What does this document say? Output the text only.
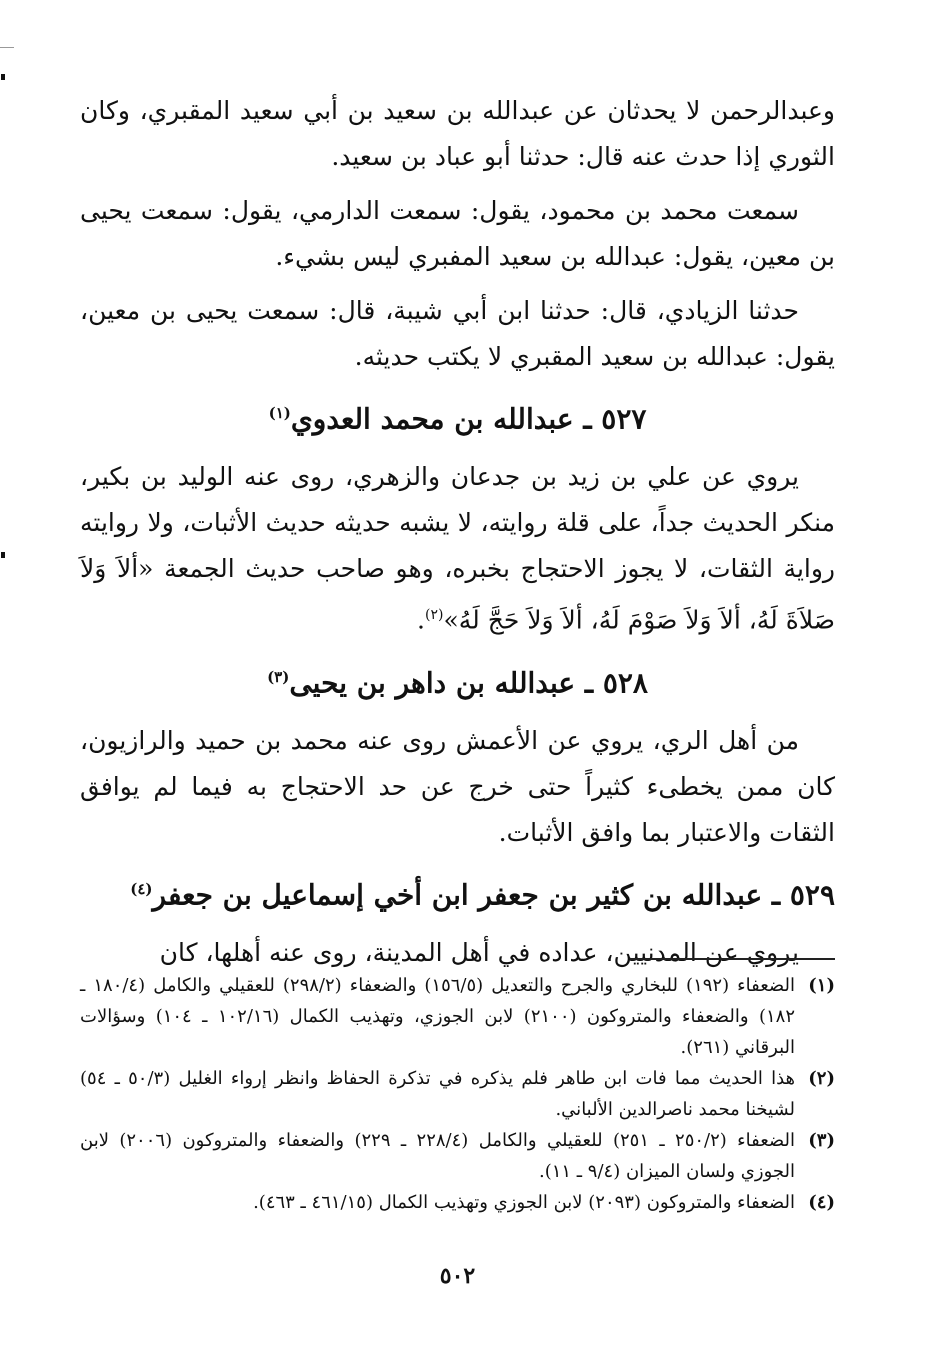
وعبدالرحمن لا يحدثان عن عبدالله بن سعيد بن أبي سعيد المقبري، وكان الثوري إذا حدث عنه قال: حدثنا أبو عباد بن سعيد.

سمعت محمد بن محمود، يقول: سمعت الدارمي، يقول: سمعت يحيى بن معين، يقول: عبدالله بن سعيد المفبري ليس بشيء.

حدثنا الزيادي، قال: حدثنا ابن أبي شيبة، قال: سمعت يحيى بن معين، يقول: عبدالله بن سعيد المقبري لا يكتب حديثه.

٥٢٧ ـ عبدالله بن محمد العدوي$^{(١)}$

يروي عن علي بن زيد بن جدعان والزهري، روى عنه الوليد بن بكير، منكر الحديث جداً، على قلة روايته، لا يشبه حديثه حديث الأثبات، ولا روايته رواية الثقات، لا يجوز الاحتجاج بخبره، وهو صاحب حديث الجمعة «ألاَ وَلاَ صَلاَةَ لَهُ، ألاَ وَلاَ صَوْمَ لَهُ، ألاَ وَلاَ حَجَّ لَهُ»$^{(٢)}$.

٥٢٨ ـ عبدالله بن داهر بن يحيى$^{(٣)}$

من أهل الري، يروي عن الأعمش روى عنه محمد بن حميد والرازيون، كان ممن يخطىء كثيراً حتى خرج عن حد الاحتجاج به فيما لم يوافق الثقات والاعتبار بما وافق الأثبات.

٥٢٩ ـ عبدالله بن كثير بن جعفر ابن أخي إسماعيل بن جعفر$^{(٤)}$

يروي عن المدنيين، عداده في أهل المدينة، روى عنه أهلها، كان

(١)
الضعفاء (١٩٢) للبخاري والجرح والتعديل (١٥٦/٥) والضعفاء (٢٩٨/٢) للعقيلي والكامل (١٨٠/٤ ـ ١٨٢) والضعفاء والمتروكون (٢١٠٠) لابن الجوزي، وتهذيب الكمال (١٠٢/١٦ ـ ١٠٤) وسؤالات البرقاني (٢٦١).
(٢)
هذا الحديث مما فات ابن طاهر فلم يذكره في تذكرة الحفاظ وانظر إرواء الغليل (٥٠/٣ ـ ٥٤) لشيخنا محمد ناصرالدين الألباني.
(٣)
الضعفاء (٢٥٠/٢ ـ ٢٥١) للعقيلي والكامل (٢٢٨/٤ ـ ٢٢٩) والضعفاء والمتروكون (٢٠٠٦) لابن الجوزي ولسان الميزان (٩/٤ ـ ١١).
(٤)
الضعفاء والمتروكون (٢٠٩٣) لابن الجوزي وتهذيب الكمال (٤٦١/١٥ ـ ٤٦٣).
٥٠٢
